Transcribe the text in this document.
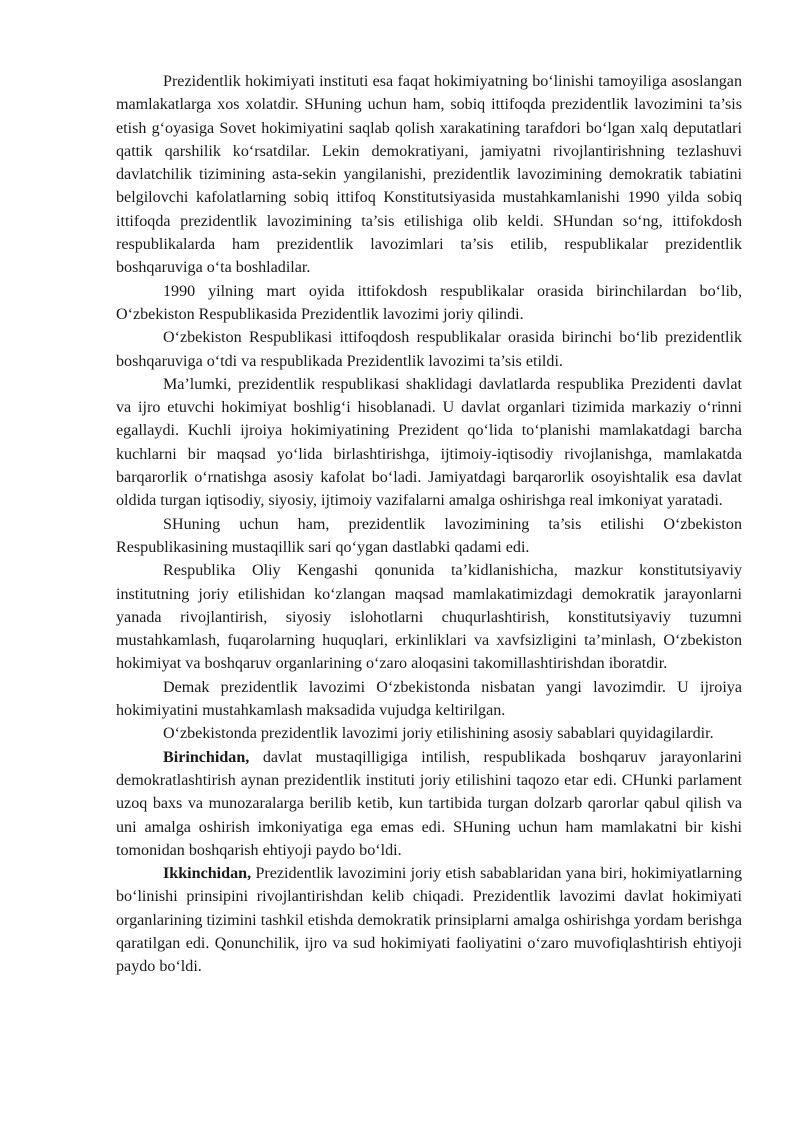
Prezidentlik hokimiyati instituti esa faqat hokimiyatning bo‘linishi tamoyiliga asoslangan mamlakatlarga xos xolatdir. SHuning uchun ham, sobiq ittifoqda prezidentlik lavozimini ta’sis etish g‘oyasiga Sovet hokimiyatini saqlab qolish xarakatining tarafdori bo‘lgan xalq deputatlari qattik qarshilik ko‘rsatdilar. Lekin demokratiyani, jamiyatni rivojlantirishning tezlashuvi davlatchilik tizimining asta-sekin yangilanishi, prezidentlik lavozimining demokratik tabiatini belgilovchi kafolatlarning sobiq ittifoq Konstitutsiyasida mustahkamlanishi 1990 yilda sobiq ittifoqda prezidentlik lavozimining ta’sis etilishiga olib keldi. SHundan so‘ng, ittifokdosh respublikalarda ham prezidentlik lavozimlari ta’sis etilib, respublikalar prezidentlik boshqaruviga o‘ta boshladilar.

1990 yilning mart oyida ittifokdosh respublikalar orasida birinchilardan bo‘lib, O‘zbekiston Respublikasida Prezidentlik lavozimi joriy qilindi.

O‘zbekiston Respublikasi ittifoqdosh respublikalar orasida birinchi bo‘lib prezidentlik boshqaruviga o‘tdi va respublikada Prezidentlik lavozimi ta’sis etildi.

Ma’lumki, prezidentlik respublikasi shaklidagi davlatlarda respublika Prezidenti davlat va ijro etuvchi hokimiyat boshlig‘i hisoblanadi. U davlat organlari tizimida markaziy o‘rinni egallaydi. Kuchli ijroiya hokimiyatining Prezident qo‘lida to‘planishi mamlakatdagi barcha kuchlarni bir maqsad yo‘lida birlashtirishga, ijtimoiy-iqtisodiy rivojlanishga, mamlakatda barqarorlik o‘rnatishga asosiy kafolat bo‘ladi. Jamiyatdagi barqarorlik osoyishtalik esa davlat oldida turgan iqtisodiy, siyosiy, ijtimoiy vazifalarni amalga oshirishga real imkoniyat yaratadi.

SHuning uchun ham, prezidentlik lavozimining ta’sis etilishi O‘zbekiston Respublikasining mustaqillik sari qo‘ygan dastlabki qadami edi.

Respublika Oliy Kengashi qonunida ta’kidlanishicha, mazkur konstitutsiyaviy institutning joriy etilishidan ko‘zlangan maqsad mamlakatimizdagi demokratik jarayonlarni yanada rivojlantirish, siyosiy islohotlarni chuqurlashtirish, konstitutsiyaviy tuzumni mustahkamlash, fuqarolarning huquqlari, erkinliklari va xavfsizligini ta’minlash, O‘zbekiston hokimiyat va boshqaruv organlarining o‘zaro aloqasini takomillashtirishdan iboratdir.

Demak prezidentlik lavozimi O‘zbekistonda nisbatan yangi lavozimdir. U ijroiya hokimiyatini mustahkamlash maksadida vujudga keltirilgan.

O‘zbekistonda prezidentlik lavozimi joriy etilishining asosiy sabablari quyidagilardir.

Birinchidan, davlat mustaqilligiga intilish, respublikada boshqaruv jarayonlarini demokratlashtirish aynan prezidentlik instituti joriy etilishini taqozo etar edi. CHunki parlament uzoq baxs va munozaralarga berilib ketib, kun tartibida turgan dolzarb qarorlar qabul qilish va uni amalga oshirish imkoniyatiga ega emas edi. SHuning uchun ham mamlakatni bir kishi tomonidan boshqarish ehtiyoji paydo bo‘ldi.

Ikkinchidan, Prezidentlik lavozimini joriy etish sabablaridan yana biri, hokimiyatlarning bo‘linishi prinsipini rivojlantirishdan kelib chiqadi. Prezidentlik lavozimi davlat hokimiyati organlarining tizimini tashkil etishda demokratik prinsiplarni amalga oshirishga yordam berishga qaratilgan edi. Qonunchilik, ijro va sud hokimiyati faoliyatini o‘zaro muvofiqlashtirish ehtiyoji paydo bo‘ldi.
